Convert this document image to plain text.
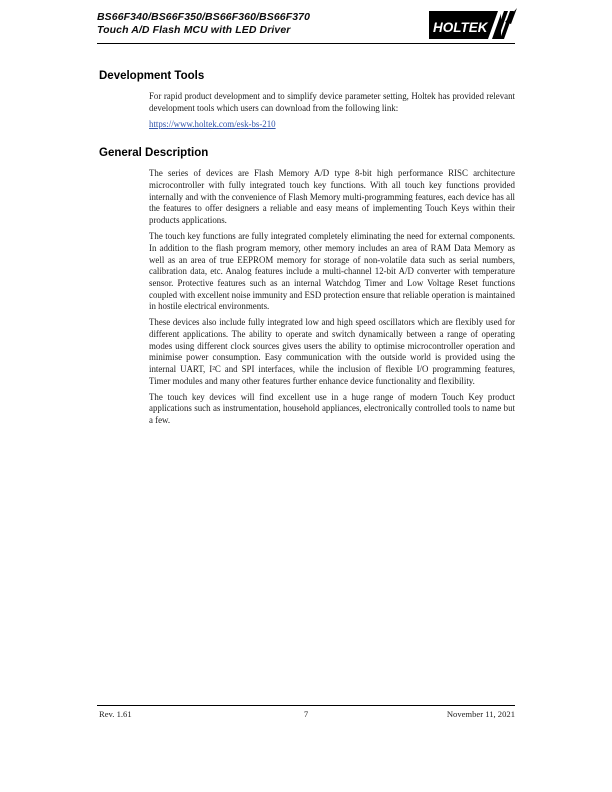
BS66F340/BS66F350/BS66F360/BS66F370
Touch A/D Flash MCU with LED Driver	HOLTEK
Development Tools

For rapid product development and to simplify device parameter setting, Holtek has provided relevant development tools which users can download from the following link:

https://www.holtek.com/esk-bs-210

General Description

The series of devices are Flash Memory A/D type 8-bit high performance RISC architecture microcontroller with fully integrated touch key functions. With all touch key functions provided internally and with the convenience of Flash Memory multi-programming features, each device has all the features to offer designers a reliable and easy means of implementing Touch Keys within their products applications.

The touch key functions are fully integrated completely eliminating the need for external components. In addition to the flash program memory, other memory includes an area of RAM Data Memory as well as an area of true EEPROM memory for storage of non-volatile data such as serial numbers, calibration data, etc. Analog features include a multi-channel 12-bit A/D converter with temperature sensor. Protective features such as an internal Watchdog Timer and Low Voltage Reset functions coupled with excellent noise immunity and ESD protection ensure that reliable operation is maintained in hostile electrical environments.

These devices also include fully integrated low and high speed oscillators which are flexibly used for different applications. The ability to operate and switch dynamically between a range of operating modes using different clock sources gives users the ability to optimise microcontroller operation and minimise power consumption. Easy communication with the outside world is provided using the internal UART, I²C and SPI interfaces, while the inclusion of flexible I/O programming features, Timer modules and many other features further enhance device functionality and flexibility.

The touch key devices will find excellent use in a huge range of modern Touch Key product applications such as instrumentation, household appliances, electronically controlled tools to name but a few.

Rev. 1.61	7	November 11, 2021
